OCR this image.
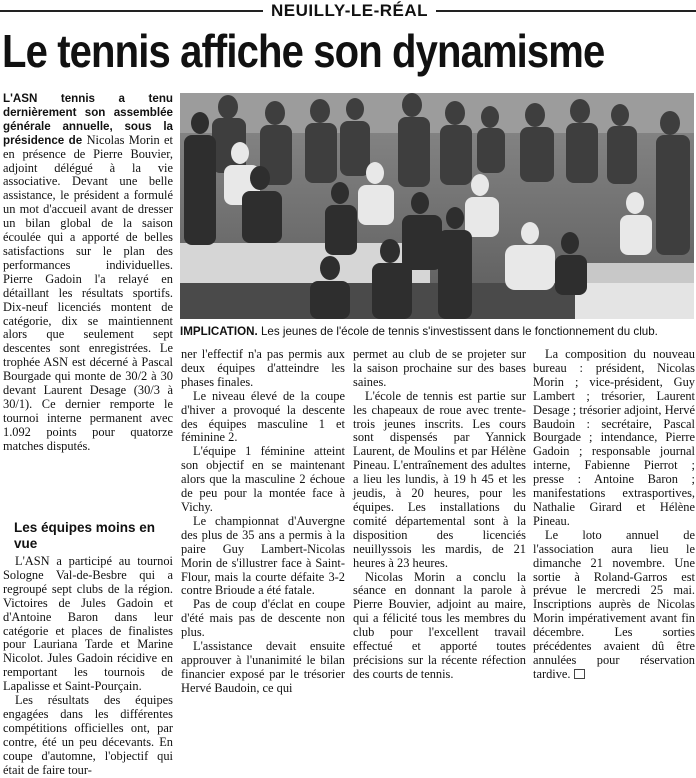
NEUILLY-LE-RÉAL
Le tennis affiche son dynamisme

L'ASN tennis a tenu dernièrement son assemblée générale annuelle, sous la présidence de Nicolas Morin et en présence de Pierre Bouvier, adjoint délégué à la vie associative. Devant une belle assistance, le président a formulé un mot d'accueil avant de dresser un bilan global de la saison écoulée qui a apporté de belles satisfactions sur le plan des performances individuelles. Pierre Gadoin l'a relayé en détaillant les résultats sportifs. Dix-neuf licenciés montent de catégorie, dix se maintiennent alors que seulement sept descentes sont enregistrées. Le trophée ASN est décerné à Pascal Bourgade qui monte de 30/2 à 30 devant Laurent Desage (30/3 à 30/1). Ce dernier remporte le tournoi interne permanent avec 1.092 points pour quatorze matches disputés.

Les équipes moins en vue

L'ASN a participé au tournoi Sologne Val-de-Besbre qui a regroupé sept clubs de la région. Victoires de Jules Gadoin et d'Antoine Baron dans leur catégorie et places de finalistes pour Lauriana Tarde et Marine Nicolot. Jules Gadoin récidive en remportant les tournois de Lapalisse et Saint-Pourçain.

Les résultats des équipes engagées dans les différentes compétitions officielles ont, par contre, été un peu décevants. En coupe d'automne, l'objectif qui était de faire tour-

IMPLICATION. Les jeunes de l'école de tennis s'investissent dans le fonctionnement du club.

ner l'effectif n'a pas permis aux deux équipes d'atteindre les phases finales.

Le niveau élevé de la coupe d'hiver a provoqué la descente des équipes masculine 1 et féminine 2.

L'équipe 1 féminine atteint son objectif en se maintenant alors que la masculine 2 échoue de peu pour la montée face à Vichy.

Le championnat d'Auvergne des plus de 35 ans a permis à la paire Guy Lambert-Nicolas Morin de s'illustrer face à Saint-Flour, mais la courte défaite 3-2 contre Brioude a été fatale.

Pas de coup d'éclat en coupe d'été mais pas de descente non plus.

L'assistance devait ensuite approuver à l'unanimité le bilan financier exposé par le trésorier Hervé Baudoin, ce qui

permet au club de se projeter sur la saison prochaine sur des bases saines.

L'école de tennis est partie sur les chapeaux de roue avec trente-trois jeunes inscrits. Les cours sont dispensés par Yannick Laurent, de Moulins et par Hélène Pineau. L'entraînement des adultes a lieu les lundis, à 19 h 45 et les jeudis, à 20 heures, pour les équipes. Les installations du comité départemental sont à la disposition des licenciés neuillyssois les mardis, de 21 heures à 23 heures.

Nicolas Morin a conclu la séance en donnant la parole à Pierre Bouvier, adjoint au maire, qui a félicité tous les membres du club pour l'excellent travail effectué et apporté toutes précisions sur la récente réfection des courts de tennis.

La composition du nouveau bureau : président, Nicolas Morin ; vice-président, Guy Lambert ; trésorier, Laurent Desage ; trésorier adjoint, Hervé Baudoin : secrétaire, Pascal Bourgade ; intendance, Pierre Gadoin ; responsable journal interne, Fabienne Pierrot ; presse : Antoine Baron ; manifestations extrasportives, Nathalie Girard et Hélène Pineau.

Le loto annuel de l'association aura lieu le dimanche 21 novembre. Une sortie à Roland-Garros est prévue le mercredi 25 mai. Inscriptions auprès de Nicolas Morin impérativement avant fin décembre. Les sorties précédentes avaient dû être annulées pour réservation tardive.
